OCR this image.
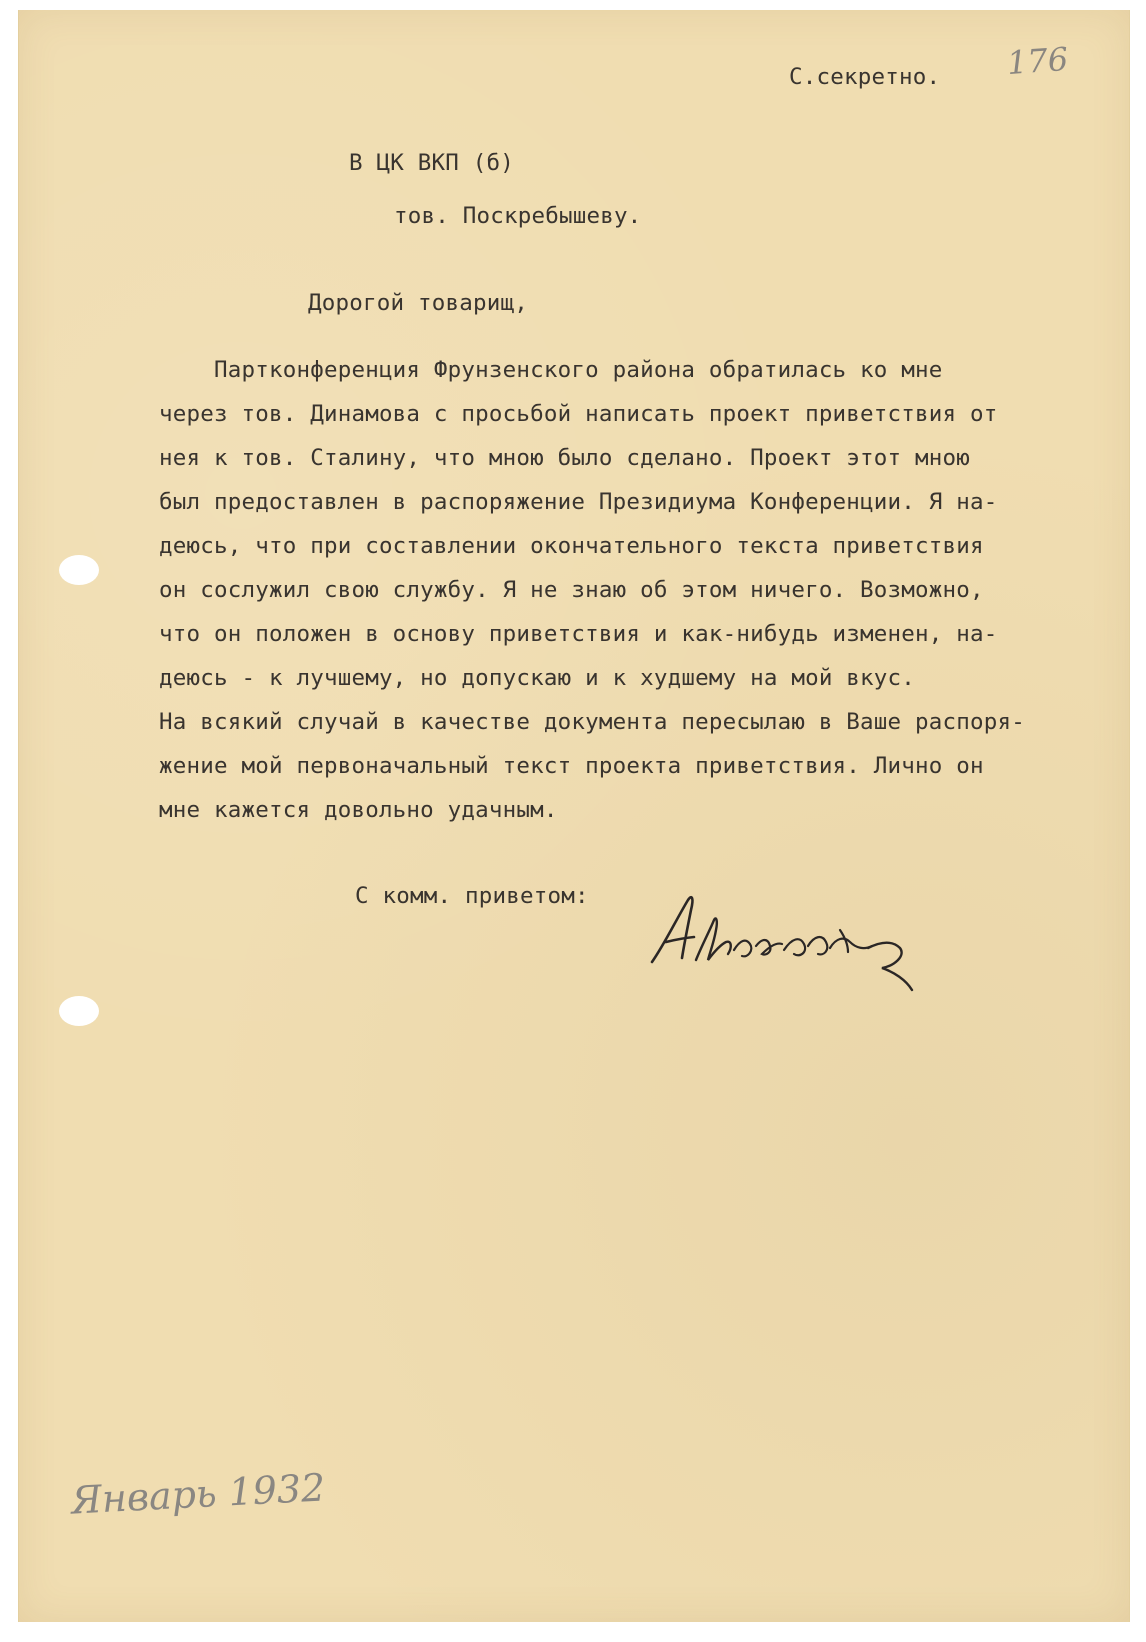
176
С.секретно.
В ЦК ВКП (б)
тов. Поскребышеву.
Дорогой товарищ,
Партконференция Фрунзенского района обратилась ко мне
через тов. Динамова с просьбой написать проект приветствия от
нея к тов. Сталину, что мною было сделано. Проект этот мною
был предоставлен в распоряжение Президиума Конференции. Я на-
деюсь, что при составлении окончательного текста приветствия
он сослужил свою службу. Я не знаю об этом ничего. Возможно,
что он положен в основу приветствия и как-нибудь изменен, на-
деюсь - к лучшему, но допускаю и к худшему на мой вкус.
На всякий случай в качестве документа пересылаю в Ваше распоря-
жение мой первоначальный текст проекта приветствия. Лично он
мне кажется довольно удачным.
С комм. приветом:
Январь 1932
